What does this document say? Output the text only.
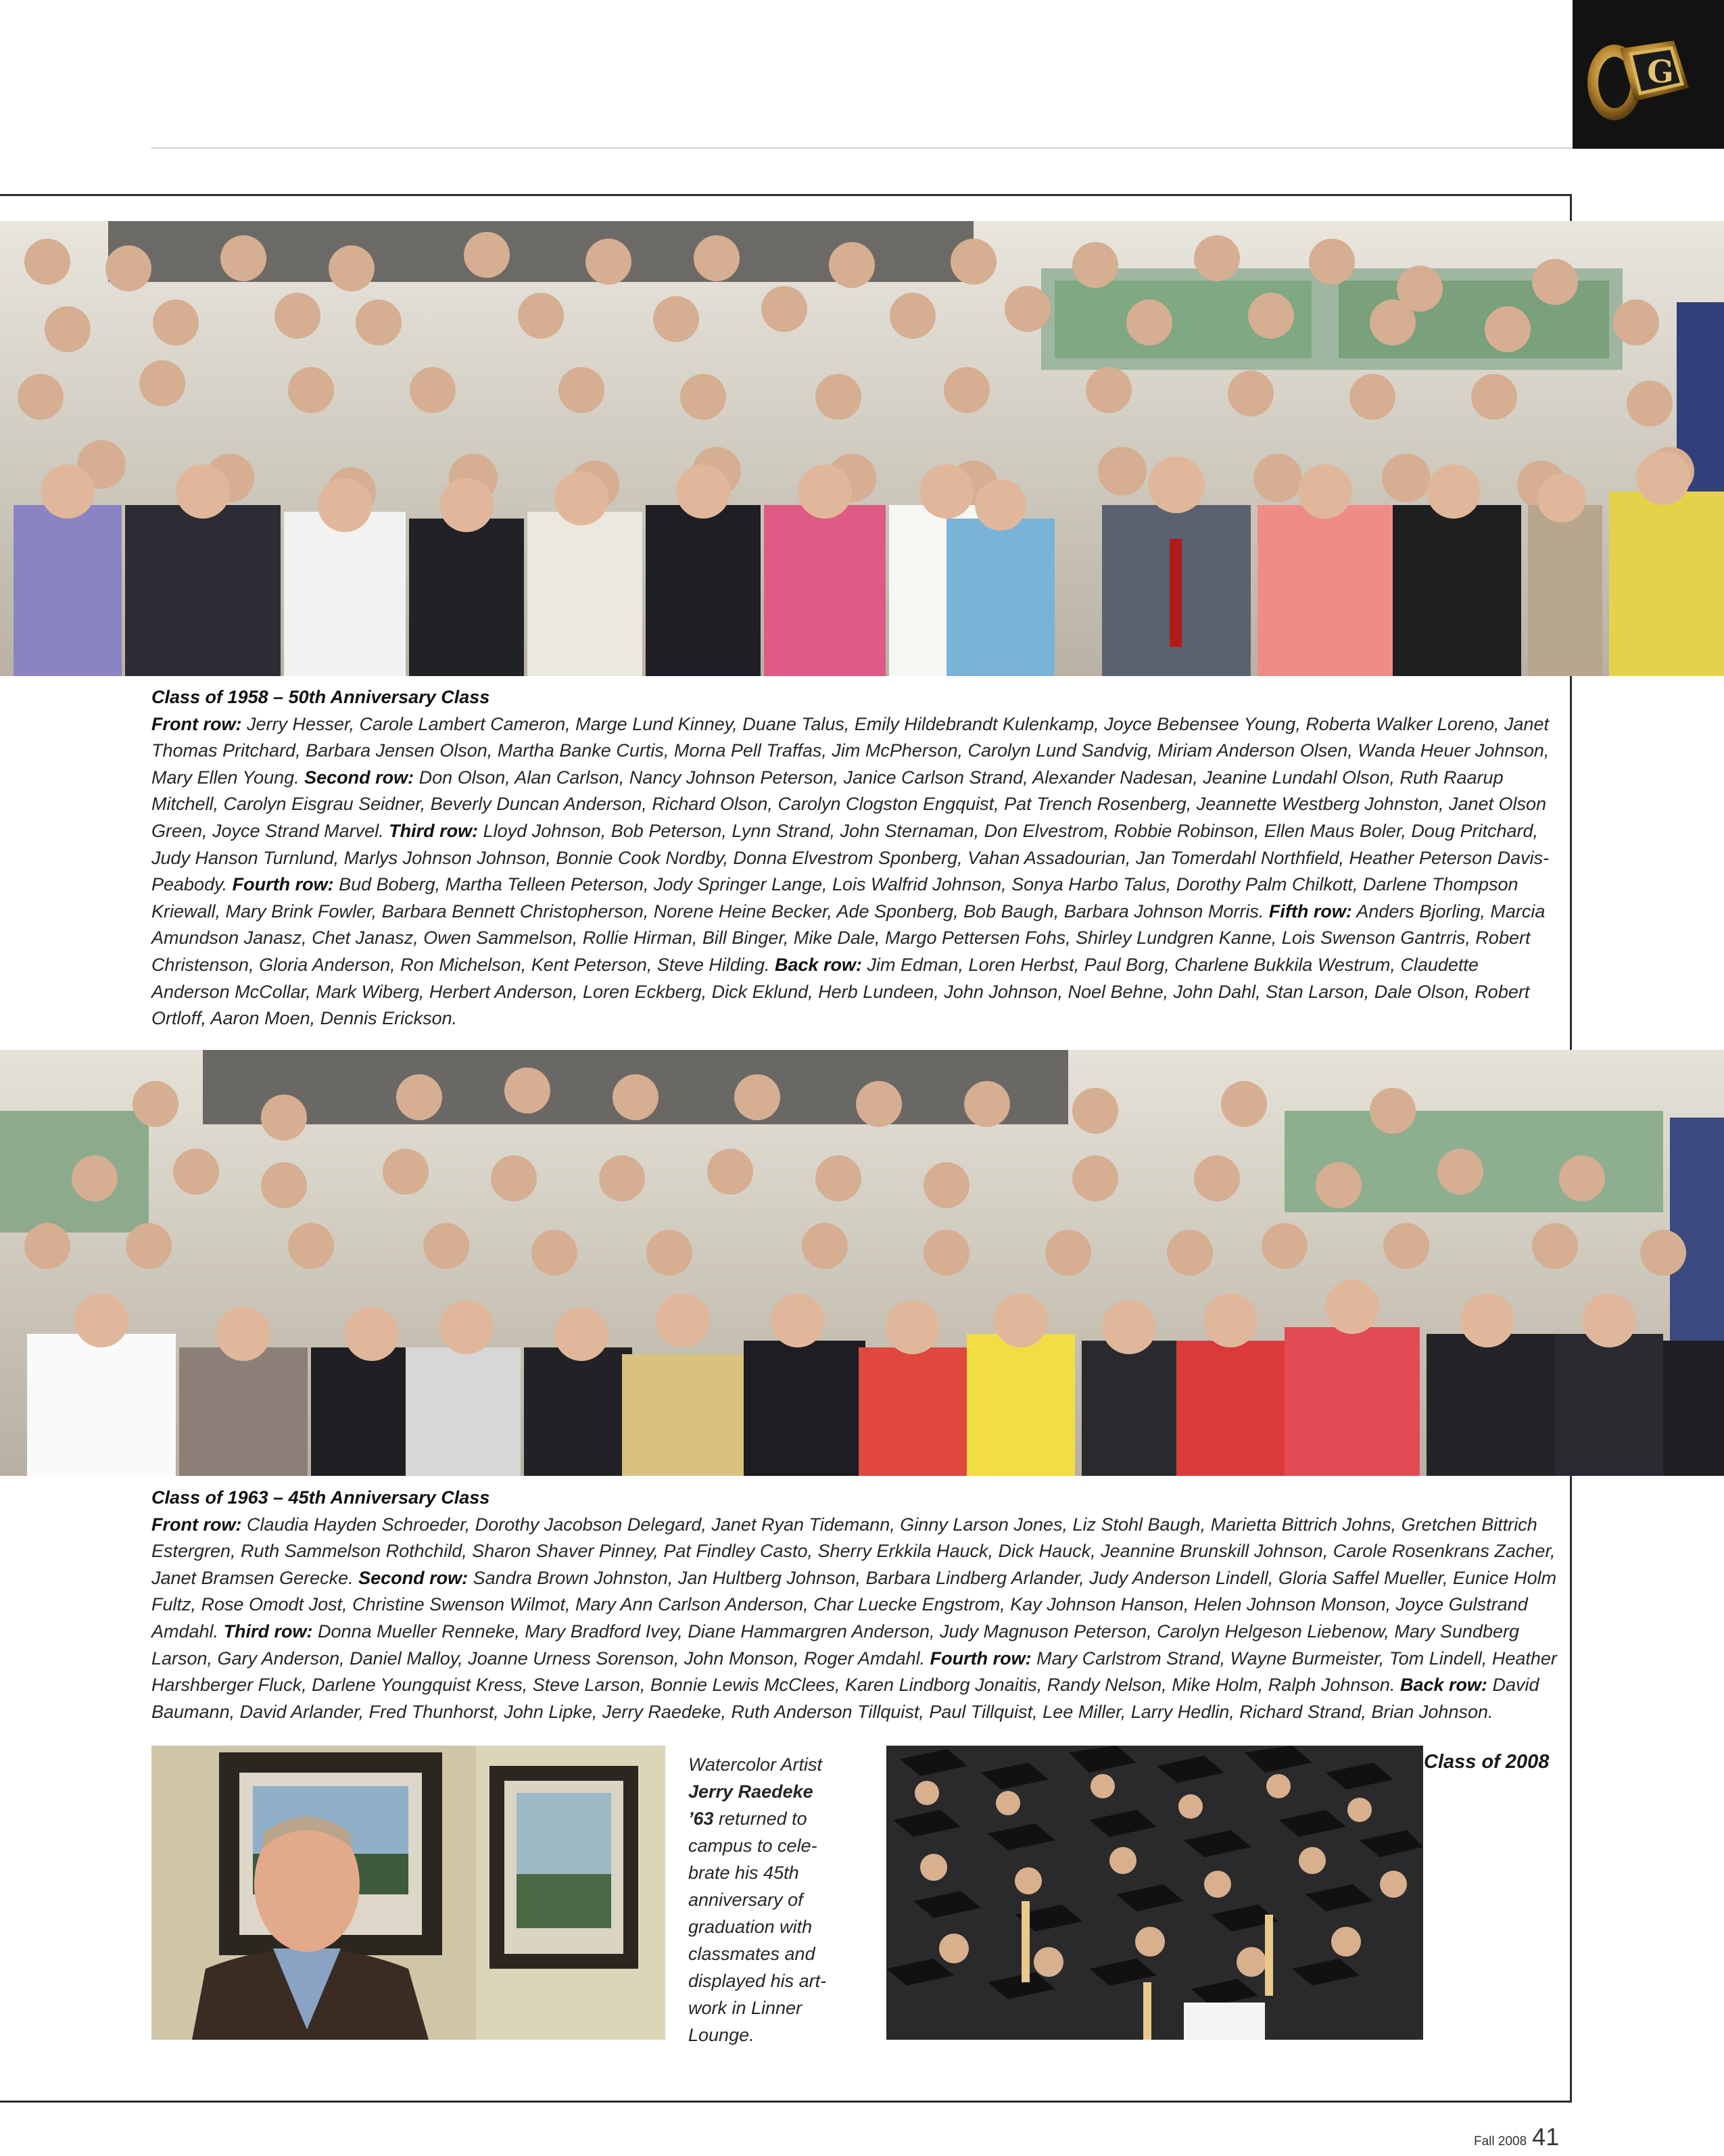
G
Class of 1958 – 50th Anniversary Class
Front row: Jerry Hesser, Carole Lambert Cameron, Marge Lund Kinney, Duane Talus, Emily Hildebrandt Kulenkamp, Joyce Bebensee Young, Roberta Walker Loreno, Janet Thomas Pritchard, Barbara Jensen Olson, Martha Banke Curtis, Morna Pell Traffas, Jim McPherson, Carolyn Lund Sandvig, Miriam Anderson Olsen, Wanda Heuer Johnson, Mary Ellen Young. Second row: Don Olson, Alan Carlson, Nancy Johnson Peterson, Janice Carlson Strand, Alexander Nadesan, Jeanine Lundahl Olson, Ruth Raarup Mitchell, Carolyn Eisgrau Seidner, Beverly Duncan Anderson, Richard Olson, Carolyn Clogston Engquist, Pat Trench Rosenberg, Jeannette Westberg Johnston, Janet Olson Green, Joyce Strand Marvel. Third row: Lloyd Johnson, Bob Peterson, Lynn Strand, John Sternaman, Don Elvestrom, Robbie Robinson, Ellen Maus Boler, Doug Pritchard, Judy Hanson Turnlund, Marlys Johnson Johnson, Bonnie Cook Nordby, Donna Elvestrom Sponberg, Vahan Assadourian, Jan Tomerdahl Northfield, Heather Peterson Davis-Peabody. Fourth row: Bud Boberg, Martha Telleen Peterson, Jody Springer Lange, Lois Walfrid Johnson, Sonya Harbo Talus, Dorothy Palm Chilkott, Darlene Thompson Kriewall, Mary Brink Fowler, Barbara Bennett Christopherson, Norene Heine Becker, Ade Sponberg, Bob Baugh, Barbara Johnson Morris. Fifth row: Anders Bjorling, Marcia Amundson Janasz, Chet Janasz, Owen Sammelson, Rollie Hirman, Bill Binger, Mike Dale, Margo Pettersen Fohs, Shirley Lundgren Kanne, Lois Swenson Gantrris, Robert Christenson, Gloria Anderson, Ron Michelson, Kent Peterson, Steve Hilding. Back row: Jim Edman, Loren Herbst, Paul Borg, Charlene Bukkila Westrum, Claudette Anderson McCollar, Mark Wiberg, Herbert Anderson, Loren Eckberg, Dick Eklund, Herb Lundeen, John Johnson, Noel Behne, John Dahl, Stan Larson, Dale Olson, Robert Ortloff, Aaron Moen, Dennis Erickson.
Class of 1963 – 45th Anniversary Class
Front row: Claudia Hayden Schroeder, Dorothy Jacobson Delegard, Janet Ryan Tidemann, Ginny Larson Jones, Liz Stohl Baugh, Marietta Bittrich Johns, Gretchen Bittrich Estergren, Ruth Sammelson Rothchild, Sharon Shaver Pinney, Pat Findley Casto, Sherry Erkkila Hauck, Dick Hauck, Jeannine Brunskill Johnson, Carole Rosenkrans Zacher, Janet Bramsen Gerecke. Second row: Sandra Brown Johnston, Jan Hultberg Johnson, Barbara Lindberg Arlander, Judy Anderson Lindell, Gloria Saffel Mueller, Eunice Holm Fultz, Rose Omodt Jost, Christine Swenson Wilmot, Mary Ann Carlson Anderson, Char Luecke Engstrom, Kay Johnson Hanson, Helen Johnson Monson, Joyce Gulstrand Amdahl. Third row: Donna Mueller Renneke, Mary Bradford Ivey, Diane Hammargren Anderson, Judy Magnuson Peterson, Carolyn Helgeson Liebenow, Mary Sundberg Larson, Gary Anderson, Daniel Malloy, Joanne Urness Sorenson, John Monson, Roger Amdahl. Fourth row: Mary Carlstrom Strand, Wayne Burmeister, Tom Lindell, Heather Harshberger Fluck, Darlene Youngquist Kress, Steve Larson, Bonnie Lewis McClees, Karen Lindborg Jonaitis, Randy Nelson, Mike Holm, Ralph Johnson. Back row: David Baumann, David Arlander, Fred Thunhorst, John Lipke, Jerry Raedeke, Ruth Anderson Tillquist, Paul Tillquist, Lee Miller, Larry Hedlin, Richard Strand, Brian Johnson.
Watercolor Artist Jerry Raedeke ’63 returned to campus to cele-brate his 45th anniversary of graduation with classmates and displayed his art-work in Linner Lounge.
Class of 2008
Fall 2008 41
